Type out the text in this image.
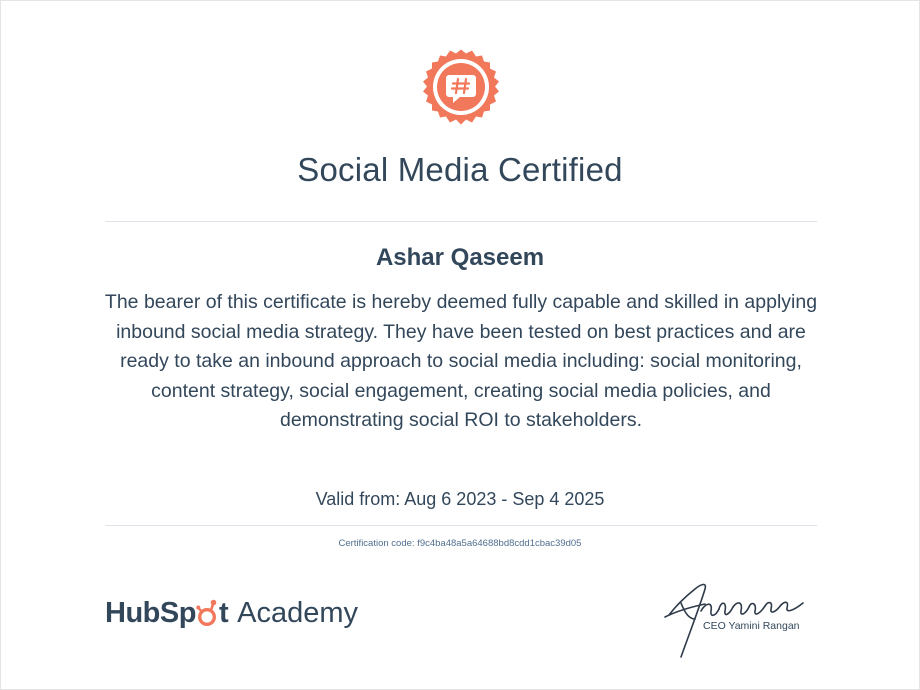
Social Media Certified
Ashar Qaseem
The bearer of this certificate is hereby deemed fully capable and skilled in applying inbound social media strategy. They have been tested on best practices and are ready to take an inbound approach to social media including: social monitoring, content strategy, social engagement, creating social media policies, and demonstrating social ROI to stakeholders.
Valid from: Aug 6 2023 - Sep 4 2025
Certification code: f9c4ba48a5a64688bd8cdd1cbac39d05
HubSp t Academy	CEO Yamini Rangan
